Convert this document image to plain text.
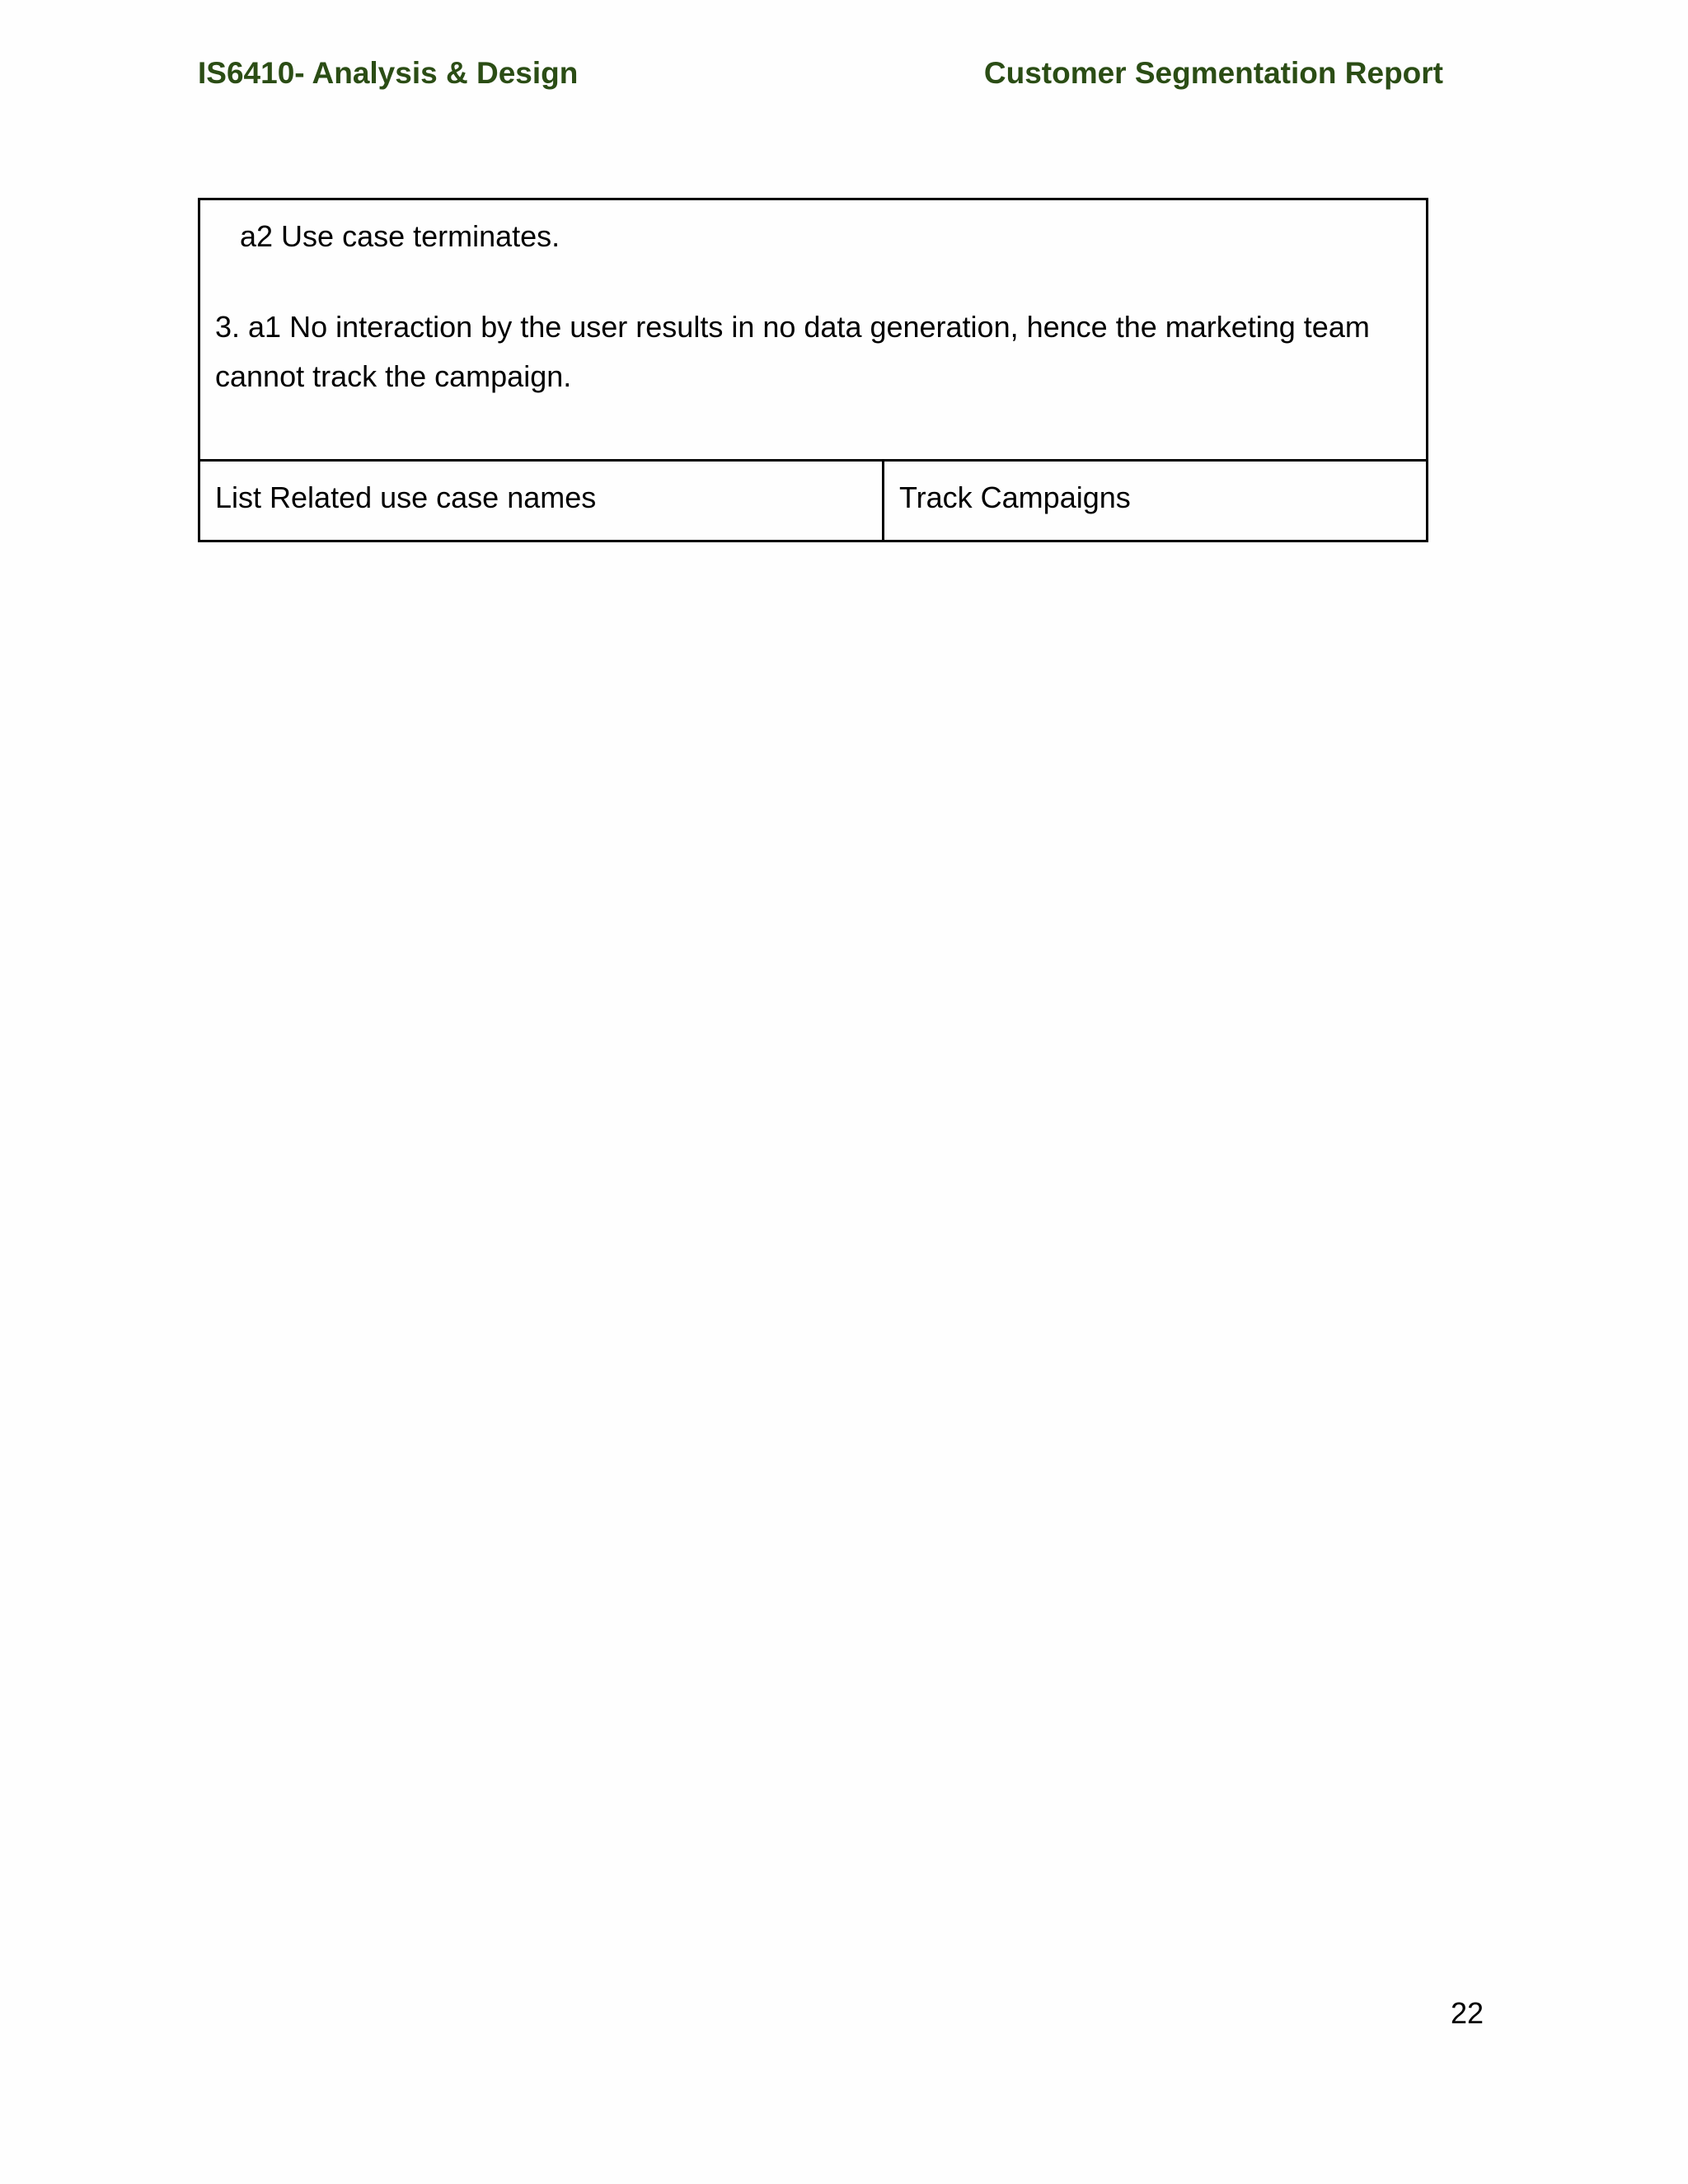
IS6410- Analysis & Design	Customer Segmentation Report
a2 Use case terminates.
3. a1 No interaction by the user results in no data generation, hence the marketing team cannot track the campaign.
List Related use case names	Track Campaigns
22
